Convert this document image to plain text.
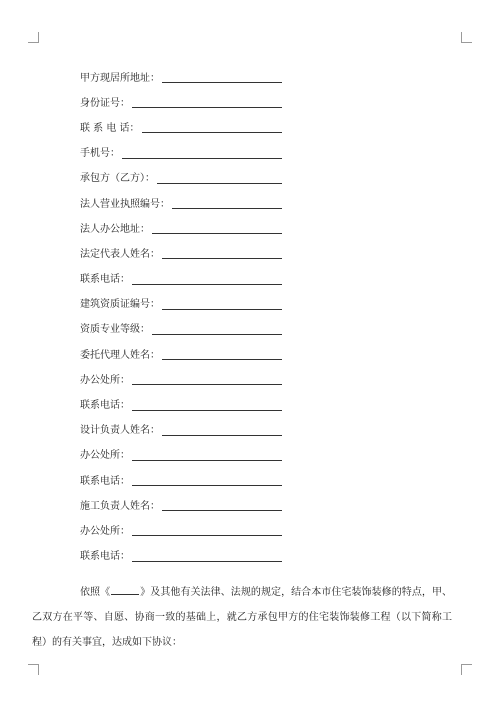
甲方现居所地址：
身份证号：
联 系 电 话：
手机号：
承包方（乙方）：
法人营业执照编号：
法人办公地址：
法定代表人姓名：
联系电话：
建筑资质证编号：
资质专业等级：
委托代理人姓名：
办公处所：
联系电话：
设计负责人姓名：
办公处所：
联系电话：
施工负责人姓名：
办公处所：
联系电话：

依照《	》及其他有关法律、法规的规定，结合本市住宅装饰装修的特点，甲、乙双方在平等、自愿、协商一致的基础上，就乙方承包甲方的住宅装饰装修工程（以下简称工程）的有关事宜，达成如下协议：
